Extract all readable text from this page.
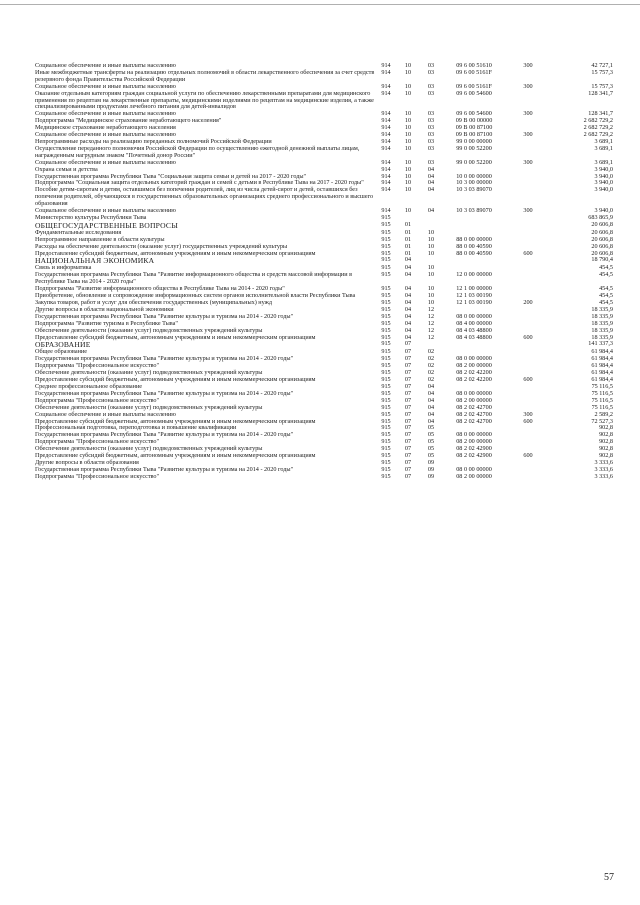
Социальное обеспечение и иные выплаты населению	914	10	03	09 6 00 51610	300	42 727,1
Иные межбюджетные трансферты на реализацию отдельных полномочий в области лекарственного обеспечения за счет средств резервного фонда Правительства Российской Федерации	914	10	03	09 6 00 5161F		15 757,3
Социальное обеспечение и иные выплаты населению	914	10	03	09 6 00 5161F	300	15 757,3
Оказание отдельным категориям граждан социальной услуги по обеспечению лекарственными препаратами для медицинского применения по рецептам на лекарственные препараты, медицинскими изделиями по рецептам на медицинские изделия, а также специализированными продуктами лечебного питания для детей-инвалидов	914	10	03	09 6 00 54600		128 341,7
Социальное обеспечение и иные выплаты населению	914	10	03	09 6 00 54600	300	128 341,7
Подпрограмма "Медицинское страхование неработающего населения"	914	10	03	09 В 00 00000		2 682 729,2
Медицинское страхование неработающего населения	914	10	03	09 В 00 87100		2 682 729,2
Социальное обеспечение и иные выплаты населению	914	10	03	09 В 00 87100	300	2 682 729,2
Непрограммные расходы на реализацию переданных полномочий Российской Федерации	914	10	03	99 0 00 00000		3 689,1
Осуществление переданного полномочия Российской Федерации по осуществлению ежегодной денежной выплаты лицам, награжденным нагрудным знаком "Почетный донор России"	914	10	03	99 0 00 52200		3 689,1
Социальное обеспечение и иные выплаты населению	914	10	03	99 0 00 52200	300	3 689,1
Охрана семьи и детства	914	10	04			3 940,0
Государственная программа Республики Тыва "Социальная защита семьи и детей на 2017 - 2020 годы"	914	10	04	10 0 00 00000		3 940,0
Подпрограмма "Социальная защита отдельных категорий граждан и семей с детьми в Республике Тыва на 2017 - 2020 годы"	914	10	04	10 3 00 00000		3 940,0
Пособие детям-сиротам и детям, оставшимся без попечения родителей, лиц из числа детей-сирот и детей, оставшихся без попечения родителей, обучающихся в государственных образовательных организациях среднего профессионального и высшего образования	914	10	04	10 3 03 89070		3 940,0
Социальное обеспечение и иные выплаты населению	914	10	04	10 3 03 89070	300	3 940,0
Министерство культуры Республики Тыва	915					683 865,9
ОБЩЕГОСУДАРСТВЕННЫЕ ВОПРОСЫ	915	01				20 606,8
Фундаментальные исследования	915	01	10			20 606,8
Непрограммное направление в области культуры	915	01	10	88 0 00 00000		20 606,8
Расходы на обеспечение деятельности (оказание услуг) государственных учреждений культуры	915	01	10	88 0 00 40590		20 606,8
Предоставление субсидий бюджетным, автономным учреждениям и иным некоммерческим организациям	915	01	10	88 0 00 40590	600	20 606,8
НАЦИОНАЛЬНАЯ ЭКОНОМИКА	915	04				18 790,4
Связь и информатика	915	04	10			454,5
Государственная программа Республики Тыва "Развитие информационного общества и средств массовой информации в Республике Тыва на 2014 - 2020 годы"	915	04	10	12 0 00 00000		454,5
Подпрограмма "Развитие информационного общества в Республике Тыва на 2014 - 2020 годы"	915	04	10	12 1 00 00000		454,5
Приобретение, обновление и сопровождение информационных систем органов исполнительной власти Республики Тыва	915	04	10	12 1 03 00190		454,5
Закупка товаров, работ и услуг для обеспечения государственных (муниципальных) нужд	915	04	10	12 1 03 00190	200	454,5
Другие вопросы в области национальной экономики	915	04	12			18 335,9
Государственная программа Республики Тыва "Развитие культуры и туризма на 2014 - 2020 годы"	915	04	12	08 0 00 00000		18 335,9
Подпрограмма "Развитие туризма в Республике Тыва"	915	04	12	08 4 00 00000		18 335,9
Обеспечение деятельности (оказание услуг) подведомственных учреждений культуры	915	04	12	08 4 03 48800		18 335,9
Предоставление субсидий бюджетным, автономным учреждениям и иным некоммерческим организациям	915	04	12	08 4 03 48800	600	18 335,9
ОБРАЗОВАНИЕ	915	07				141 337,3
Общее образование	915	07	02			61 984,4
Государственная программа Республики Тыва "Развитие культуры и туризма на 2014 - 2020 годы"	915	07	02	08 0 00 00000		61 984,4
Подпрограмма "Профессиональное искусство"	915	07	02	08 2 00 00000		61 984,4
Обеспечение деятельности (оказание услуг) подведомственных учреждений культуры	915	07	02	08 2 02 42200		61 984,4
Предоставление субсидий бюджетным, автономным учреждениям и иным некоммерческим организациям	915	07	02	08 2 02 42200	600	61 984,4
Среднее профессиональное образование	915	07	04			75 116,5
Государственная программа Республики Тыва "Развитие культуры и туризма на 2014 - 2020 годы"	915	07	04	08 0 00 00000		75 116,5
Подпрограмма "Профессиональное искусство"	915	07	04	08 2 00 00000		75 116,5
Обеспечение деятельности (оказание услуг) подведомственных учреждений культуры	915	07	04	08 2 02 42700		75 116,5
Социальное обеспечение и иные выплаты населению	915	07	04	08 2 02 42700	300	2 589,2
Предоставление субсидий бюджетным, автономным учреждениям и иным некоммерческим организациям	915	07	04	08 2 02 42700	600	72 527,3
Профессиональная подготовка, переподготовка и повышение квалификации	915	07	05			902,8
Государственная программа Республики Тыва "Развитие культуры и туризма на 2014 - 2020 годы"	915	07	05	08 0 00 00000		902,8
Подпрограмма "Профессиональное искусство"	915	07	05	08 2 00 00000		902,8
Обеспечение деятельности (оказание услуг) подведомственных учреждений культуры	915	07	05	08 2 02 42900		902,8
Предоставление субсидий бюджетным, автономным учреждениям и иным некоммерческим организациям	915	07	05	08 2 02 42900	600	902,8
Другие вопросы в области образования	915	07	09			3 333,6
Государственная программа Республики Тыва "Развитие культуры и туризма на 2014 - 2020 годы"	915	07	09	08 0 00 00000		3 333,6
Подпрограмма "Профессиональное искусство"	915	07	09	08 2 00 00000		3 333,6
57
